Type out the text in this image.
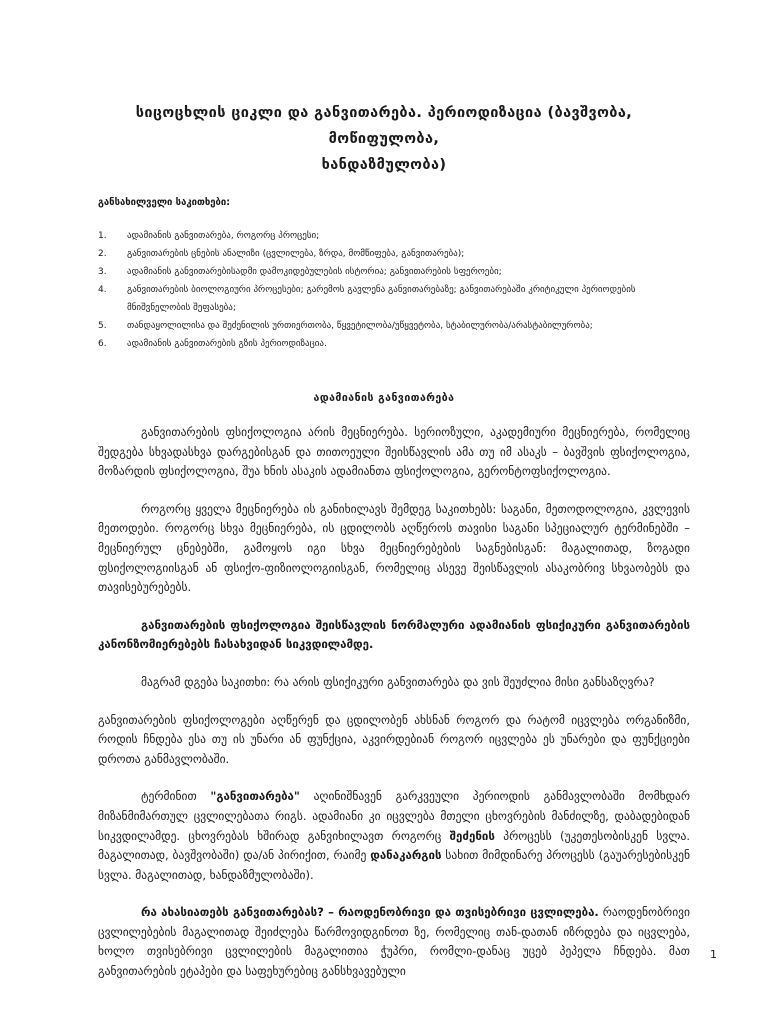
სიცოცხლის ციკლი და განვითარება. პერიოდიზაცია (ბავშვობა, მოწიფულობა,
ხანდაზმულობა)

განსახილველი საკითხები:

1.	ადამიანის განვითარება, როგორც პროცესი;
2.	განვითარების ცნების ანალიზი (ცვლილება, ზრდა, მომწიფება, განვითარება);
3.	ადამიანის განვითარებისადმი დამოკიდებულების ისტორია; განვითარების სფეროები;
4.	განვითარების ბიოლოგიური პროცესები; გარემოს გავლენა განვითარებაზე; განვითარებაში კრიტიკული პერიოდების მნიშვნელობის შეფასება;
5.	თანდაყოლილისა და შეძენილის ურთიერთობა, წყვეტილობა/უწყვეტობა, სტაბილურობა/არასტაბილურობა;
6.	ადამიანის განვითარების გზის პერიოდიზაცია.
ადამიანის განვითარება

განვითარების ფსიქოლოგია არის მეცნიერება. სერიოზული, აკადემიური მეცნიერება, რომელიც შედგება სხვადასხვა დარგებისგან და თითოეული შეისწავლის ამა თუ იმ ასაკს – ბავშვის ფსიქოლოგია, მოზარდის ფსიქოლოგია, შუა ხნის ასაკის ადამიანთა ფსიქოლოგია, გერონტოფსიქოლოგია.

როგორც ყველა მეცნიერება ის განიხილავს შემდეგ საკითხებს: საგანი, მეთოდოლოგია, კვლევის მეთოდები. როგორც სხვა მეცნიერება, ის ცდილობს აღწეროს თავისი საგანი სპეციალურ ტერმინებში – მეცნიერულ ცნებებში, გამოყოს იგი სხვა მეცნიერებების საგნებისგან: მაგალითად, ზოგადი ფსიქოლოგიისგან ან ფსიქო-ფიზიოლოგიისგან, რომელიც ასევე შეისწავლის ასაკობრივ სხვაობებს და თავისებურებებს.

განვითარების ფსიქოლოგია შეისწავლის ნორმალური ადამიანის ფსიქიკური განვითარების კანონზომიერებებს ჩასახვიდან სიკვდილამდე.

მაგრამ დგება საკითხი: რა არის ფსიქიკური განვითარება და ვის შეუძლია მისი განსაზღვრა?

განვითარების ფსიქოლოგები აღწერენ და ცდილობენ ახსნან როგორ და რატომ იცვლება ორგანიზმი, როდის ჩნდება ესა თუ ის უნარი ან ფუნქცია, აკვირდებიან როგორ იცვლება ეს უნარები და ფუნქციები დროთა განმავლობაში.

ტერმინით "განვითარება" აღინიშნავენ გარკვეული პერიოდის განმავლობაში მომხდარ მიზანმიმართულ ცვლილებათა რიგს. ადამიანი კი იცვლება მთელი ცხოვრების მანძილზე, დაბადებიდან სიკვდილამდე. ცხოვრებას ხშირად განვიხილავთ როგორც შეძენის პროცესს (უკეთესობისკენ სვლა. მაგალითად, ბავშვობაში) და/ან პირიქით, რაიმე დანაკარგის სახით მიმდინარე პროცესს (გაუარესებისკენ სვლა. მაგალითად, ხანდაზმულობაში).

რა ახასიათებს განვითარებას? – რაოდენობრივი და თვისებრივი ცვლილება. რაოდენობრივი ცვლილებების მაგალითად შეიძლება წარმოვიდგინოთ ზე, რომელიც თან-დათან იზრდება და იცვლება, ხოლო თვისებრივი ცვლილების მაგალითია ჭუპრი, რომლი-დანაც უცებ პეპელა ჩნდება. მათ განვითარების ეტაპები და საფეხურებიც განსხვავებული

1
